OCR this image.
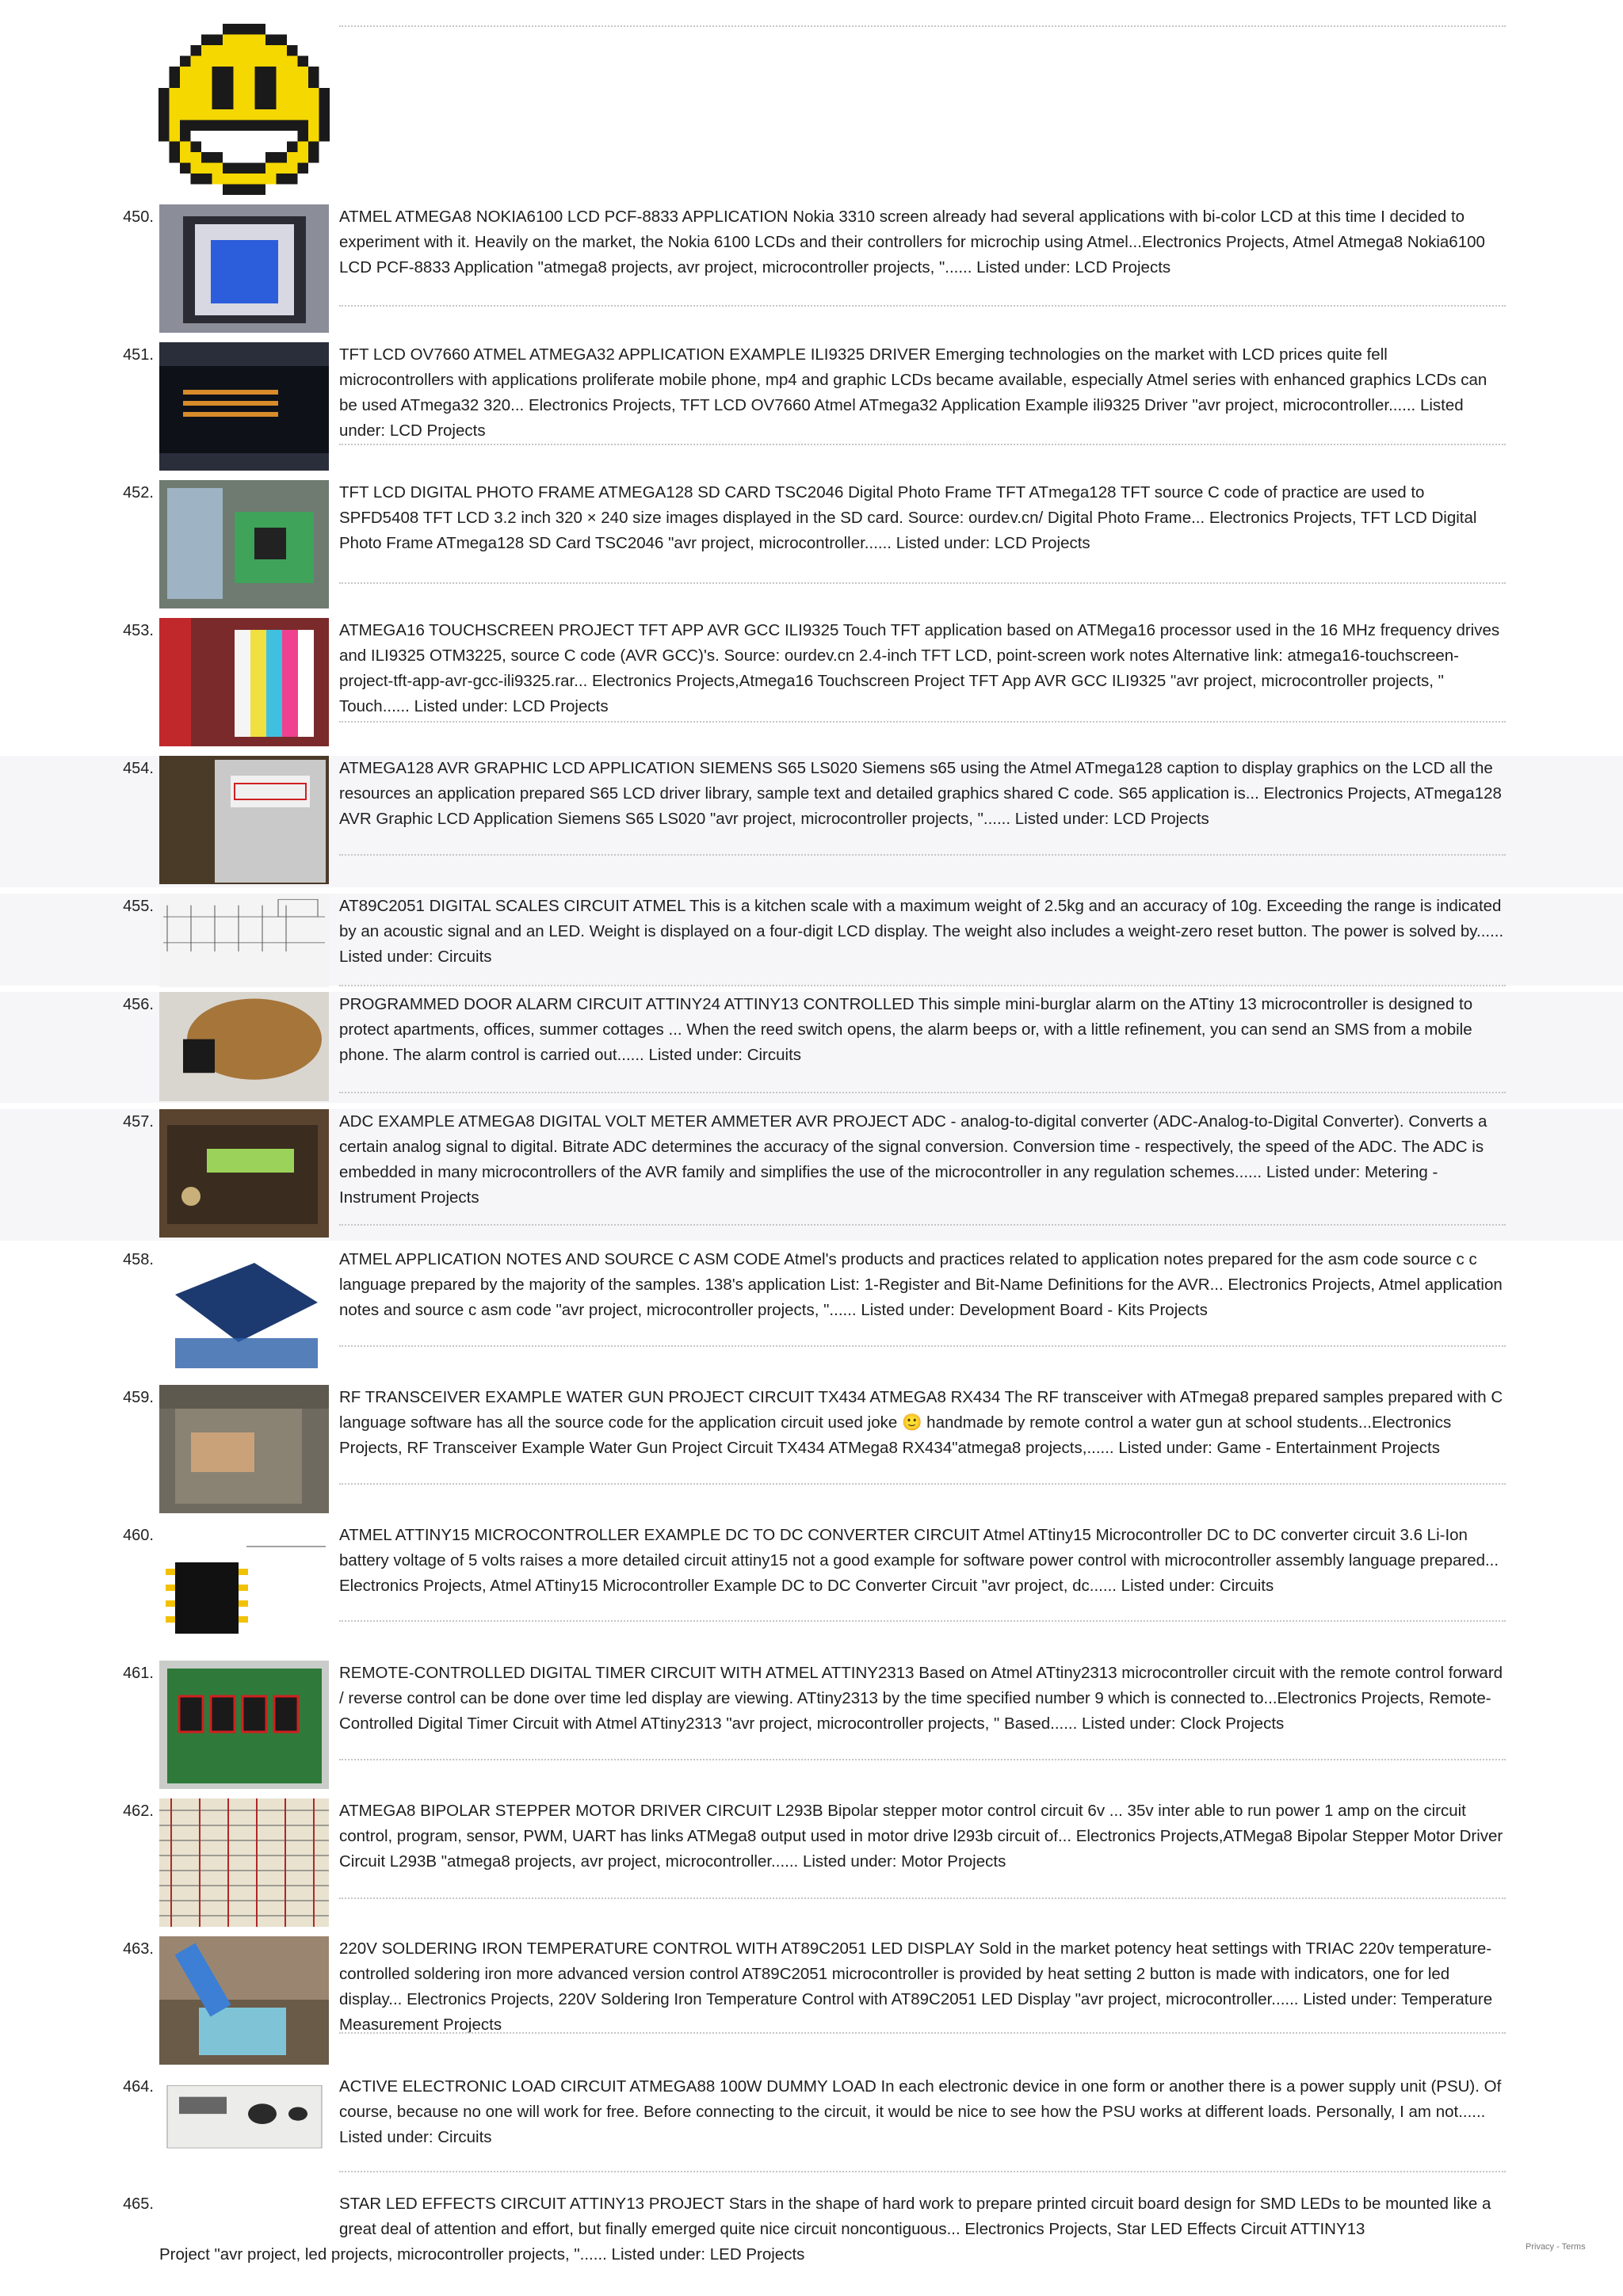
450.	ATMEL ATMEGA8 NOKIA6100 LCD PCF-8833 APPLICATION Nokia 3310 screen already had several applications with bi-color LCD at this time I decided to experiment with it. Heavily on the market, the Nokia 6100 LCDs and their controllers for microchip using Atmel...Electronics Projects, Atmel Atmega8 Nokia6100 LCD PCF-8833 Application "atmega8 projects, avr project, microcontroller projects, "...... Listed under: LCD Projects
451.	TFT LCD OV7660 ATMEL ATMEGA32 APPLICATION EXAMPLE ILI9325 DRIVER Emerging technologies on the market with LCD prices quite fell microcontrollers with applications proliferate mobile phone, mp4 and graphic LCDs became available, especially Atmel series with enhanced graphics LCDs can be used ATmega32 320... Electronics Projects, TFT LCD OV7660 Atmel ATmega32 Application Example ili9325 Driver "avr project, microcontroller...... Listed under: LCD Projects
452.	TFT LCD DIGITAL PHOTO FRAME ATMEGA128 SD CARD TSC2046 Digital Photo Frame TFT ATmega128 TFT source C code of practice are used to SPFD5408 TFT LCD 3.2 inch 320 × 240 size images displayed in the SD card. Source: ourdev.cn/ Digital Photo Frame... Electronics Projects, TFT LCD Digital Photo Frame ATmega128 SD Card TSC2046 "avr project, microcontroller...... Listed under: LCD Projects
453.	ATMEGA16 TOUCHSCREEN PROJECT TFT APP AVR GCC ILI9325 Touch TFT application based on ATMega16 processor used in the 16 MHz frequency drives and ILI9325 OTM3225, source C code (AVR GCC)'s. Source: ourdev.cn 2.4-inch TFT LCD, point-screen work notes Alternative link: atmega16-touchscreen-project-tft-app-avr-gcc-ili9325.rar... Electronics Projects,Atmega16 Touchscreen Project TFT App AVR GCC ILI9325 "avr project, microcontroller projects, " Touch...... Listed under: LCD Projects
454.	ATMEGA128 AVR GRAPHIC LCD APPLICATION SIEMENS S65 LS020 Siemens s65 using the Atmel ATmega128 caption to display graphics on the LCD all the resources an application prepared S65 LCD driver library, sample text and detailed graphics shared C code. S65 application is... Electronics Projects, ATmega128 AVR Graphic LCD Application Siemens S65 LS020 "avr project, microcontroller projects, "...... Listed under: LCD Projects
455.	AT89C2051 DIGITAL SCALES CIRCUIT ATMEL This is a kitchen scale with a maximum weight of 2.5kg and an accuracy of 10g. Exceeding the range is indicated by an acoustic signal and an LED. Weight is displayed on a four-digit LCD display. The weight also includes a weight-zero reset button. The power is solved by...... Listed under: Circuits
456.	PROGRAMMED DOOR ALARM CIRCUIT ATTINY24 ATTINY13 CONTROLLED This simple mini-burglar alarm on the ATtiny 13 microcontroller is designed to protect apartments, offices, summer cottages ... When the reed switch opens, the alarm beeps or, with a little refinement, you can send an SMS from a mobile phone. The alarm control is carried out...... Listed under: Circuits
457.	ADC EXAMPLE ATMEGA8 DIGITAL VOLT METER AMMETER AVR PROJECT ADC - analog-to-digital converter (ADC-Analog-to-Digital Converter). Converts a certain analog signal to digital. Bitrate ADC determines the accuracy of the signal conversion. Conversion time - respectively, the speed of the ADC. The ADC is embedded in many microcontrollers of the AVR family and simplifies the use of the microcontroller in any regulation schemes...... Listed under: Metering - Instrument Projects
458.	ATMEL APPLICATION NOTES AND SOURCE C ASM CODE Atmel's products and practices related to application notes prepared for the asm code source c c language prepared by the majority of the samples. 138's application List: 1-Register and Bit-Name Definitions for the AVR... Electronics Projects, Atmel application notes and source c asm code "avr project, microcontroller projects, "...... Listed under: Development Board - Kits Projects
459.	RF TRANSCEIVER EXAMPLE WATER GUN PROJECT CIRCUIT TX434 ATMEGA8 RX434 The RF transceiver with ATmega8 prepared samples prepared with C language software has all the source code for the application circuit used joke 🙂 handmade by remote control a water gun at school students...Electronics Projects, RF Transceiver Example Water Gun Project Circuit TX434 ATMega8 RX434"atmega8 projects,...... Listed under: Game - Entertainment Projects
460.	ATMEL ATTINY15 MICROCONTROLLER EXAMPLE DC TO DC CONVERTER CIRCUIT Atmel ATtiny15 Microcontroller DC to DC converter circuit 3.6 Li-Ion battery voltage of 5 volts raises a more detailed circuit attiny15 not a good example for software power control with microcontroller assembly language prepared... Electronics Projects, Atmel ATtiny15 Microcontroller Example DC to DC Converter Circuit "avr project, dc...... Listed under: Circuits
461.	REMOTE-CONTROLLED DIGITAL TIMER CIRCUIT WITH ATMEL ATTINY2313 Based on Atmel ATtiny2313 microcontroller circuit with the remote control forward / reverse control can be done over time led display are viewing. ATtiny2313 by the time specified number 9 which is connected to...Electronics Projects, Remote-Controlled Digital Timer Circuit with Atmel ATtiny2313 "avr project, microcontroller projects, " Based...... Listed under: Clock Projects
462.	ATMEGA8 BIPOLAR STEPPER MOTOR DRIVER CIRCUIT L293B Bipolar stepper motor control circuit 6v ... 35v inter able to run power 1 amp on the circuit control, program, sensor, PWM, UART has links ATMega8 output used in motor drive l293b circuit of... Electronics Projects,ATMega8 Bipolar Stepper Motor Driver Circuit L293B "atmega8 projects, avr project, microcontroller...... Listed under: Motor Projects
463.	220V SOLDERING IRON TEMPERATURE CONTROL WITH AT89C2051 LED DISPLAY Sold in the market potency heat settings with TRIAC 220v temperature-controlled soldering iron more advanced version control AT89C2051 microcontroller is provided by heat setting 2 button is made with indicators, one for led display... Electronics Projects, 220V Soldering Iron Temperature Control with AT89C2051 LED Display "avr project, microcontroller...... Listed under: Temperature Measurement Projects
464.	ACTIVE ELECTRONIC LOAD CIRCUIT ATMEGA88 100W DUMMY LOAD In each electronic device in one form or another there is a power supply unit (PSU). Of course, because no one will work for free. Before connecting to the circuit, it would be nice to see how the PSU works at different loads. Personally, I am not...... Listed under: Circuits
465.	STAR LED EFFECTS CIRCUIT ATTINY13 PROJECT Stars in the shape of hard work to prepare printed circuit board design for SMD LEDs to be mounted like a great deal of attention and effort, but finally emerged quite nice circuit noncontiguous... Electronics Projects, Star LED Effects Circuit ATTINY13
Project "avr project, led projects, microcontroller projects, "...... Listed under: LED Projects	Privacy - Terms
